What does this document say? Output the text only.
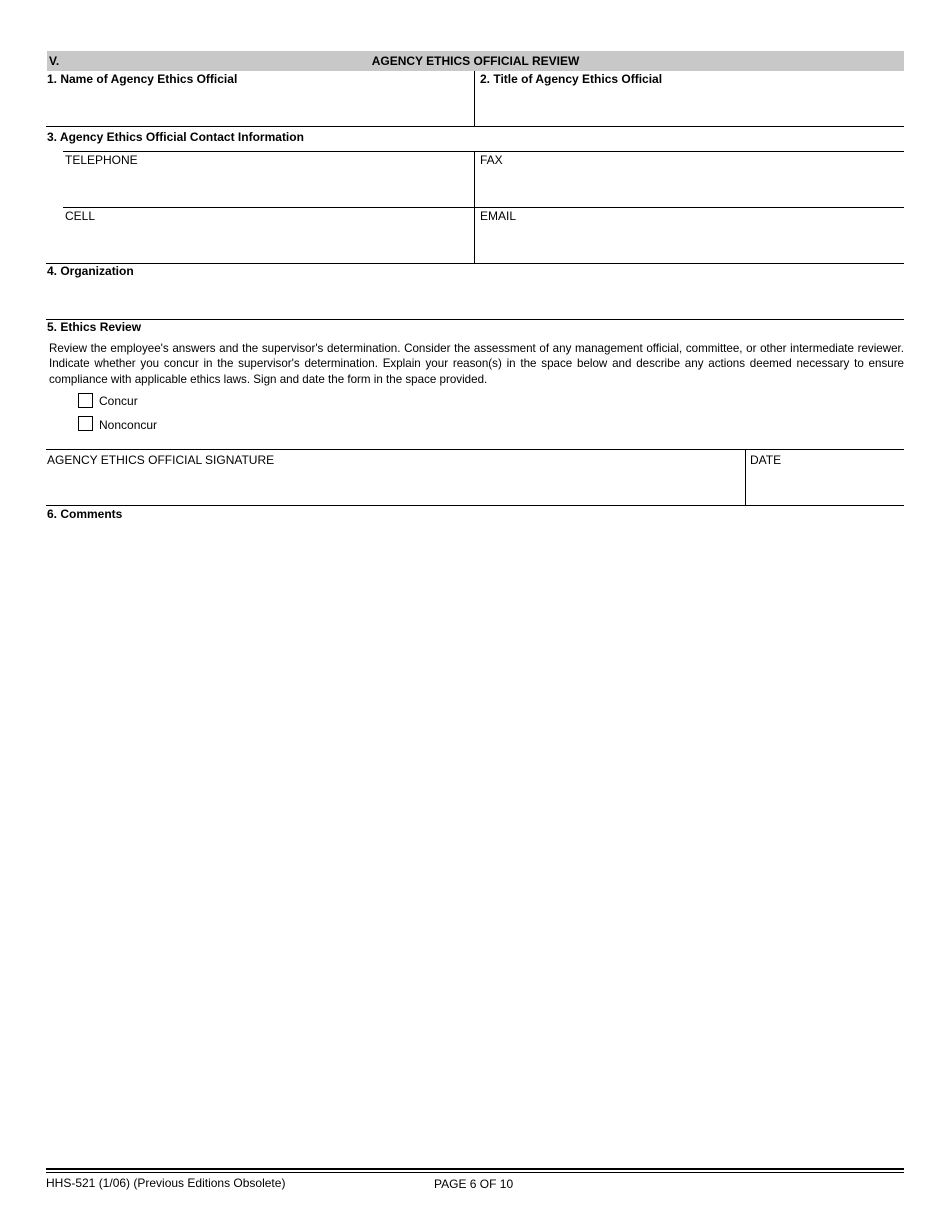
AGENCY ETHICS OFFICIAL REVIEW
V.
1. Name of Agency Ethics Official	2. Title of Agency Ethics Official
3. Agency Ethics Official Contact Information
TELEPHONE	FAX
CELL	EMAIL
4. Organization
5. Ethics Review
Review the employee's answers and the supervisor's determination. Consider the assessment of any management official, committee, or other intermediate reviewer. Indicate whether you concur in the supervisor's determination. Explain your reason(s) in the space below and describe any actions deemed necessary to ensure compliance with applicable ethics laws. Sign and date the form in the space provided.
Concur
Nonconcur
AGENCY ETHICS OFFICIAL SIGNATURE	DATE
6. Comments
HHS-521 (1/06) (Previous Editions Obsolete)	PAGE 6 OF 10
